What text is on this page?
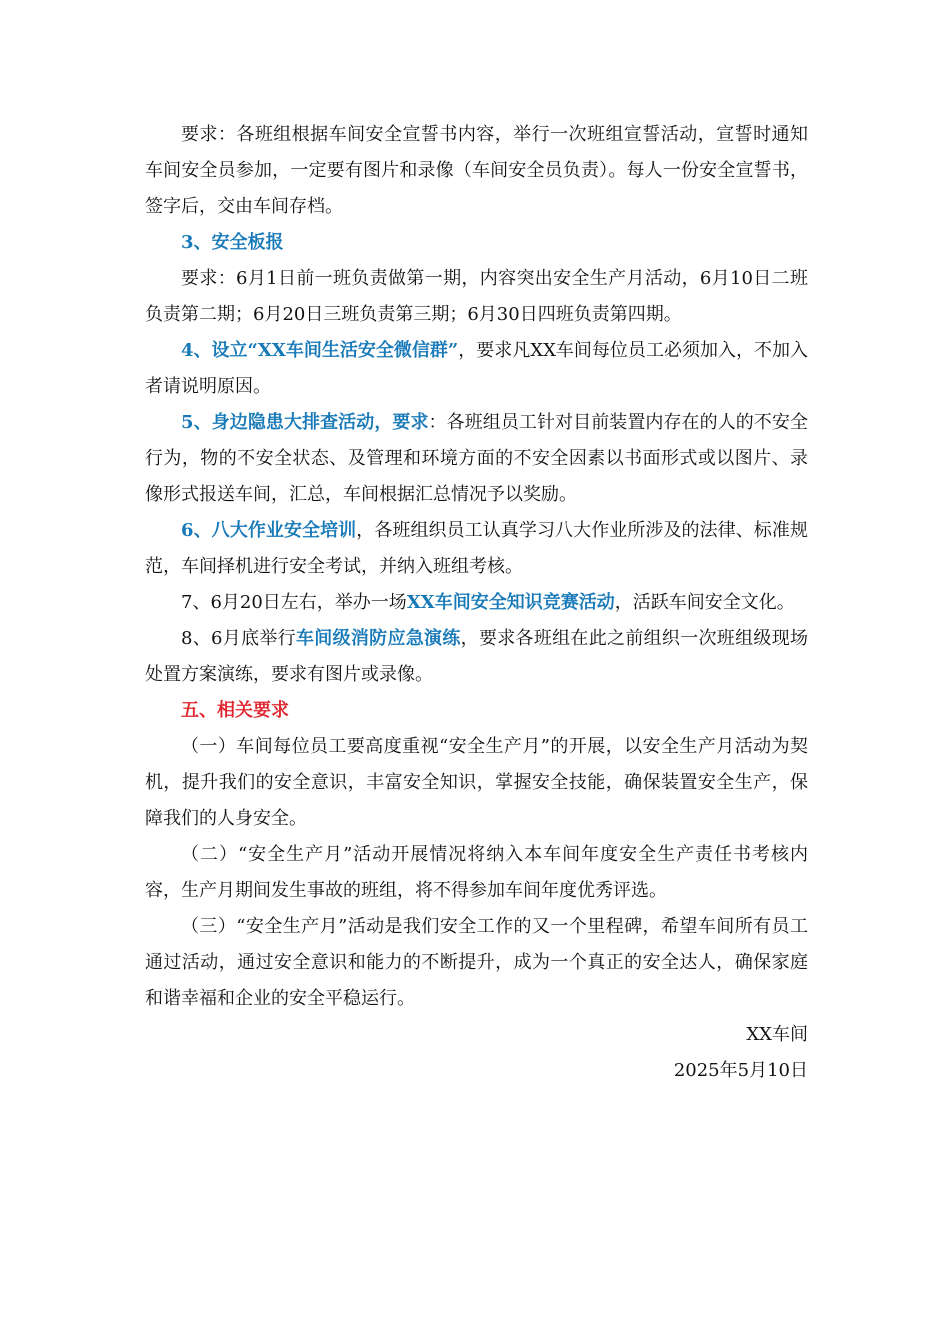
要求：各班组根据车间安全宣誓书内容，举行一次班组宣誓活动，宣誓时通知车间安全员参加，一定要有图片和录像（车间安全员负责）。每人一份安全宣誓书，签字后，交由车间存档。

3、安全板报

要求：6月1日前一班负责做第一期，内容突出安全生产月活动，6月10日二班负责第二期；6月20日三班负责第三期；6月30日四班负责第四期。

4、设立“XX车间生活安全微信群”，要求凡XX车间每位员工必须加入，不加入者请说明原因。

5、身边隐患大排查活动，要求：各班组员工针对目前装置内存在的人的不安全行为，物的不安全状态、及管理和环境方面的不安全因素以书面形式或以图片、录像形式报送车间，汇总，车间根据汇总情况予以奖励。

6、八大作业安全培训，各班组织员工认真学习八大作业所涉及的法律、标准规范，车间择机进行安全考试，并纳入班组考核。

7、6月20日左右，举办一场XX车间安全知识竞赛活动，活跃车间安全文化。

8、6月底举行车间级消防应急演练，要求各班组在此之前组织一次班组级现场处置方案演练，要求有图片或录像。

五、相关要求

（一）车间每位员工要高度重视“安全生产月”的开展，以安全生产月活动为契机，提升我们的安全意识，丰富安全知识，掌握安全技能，确保装置安全生产，保障我们的人身安全。

（二）“安全生产月”活动开展情况将纳入本车间年度安全生产责任书考核内容，生产月期间发生事故的班组，将不得参加车间年度优秀评选。

（三）“安全生产月”活动是我们安全工作的又一个里程碑，希望车间所有员工通过活动，通过安全意识和能力的不断提升，成为一个真正的安全达人，确保家庭和谐幸福和企业的安全平稳运行。

XX车间

2025年5月10日
